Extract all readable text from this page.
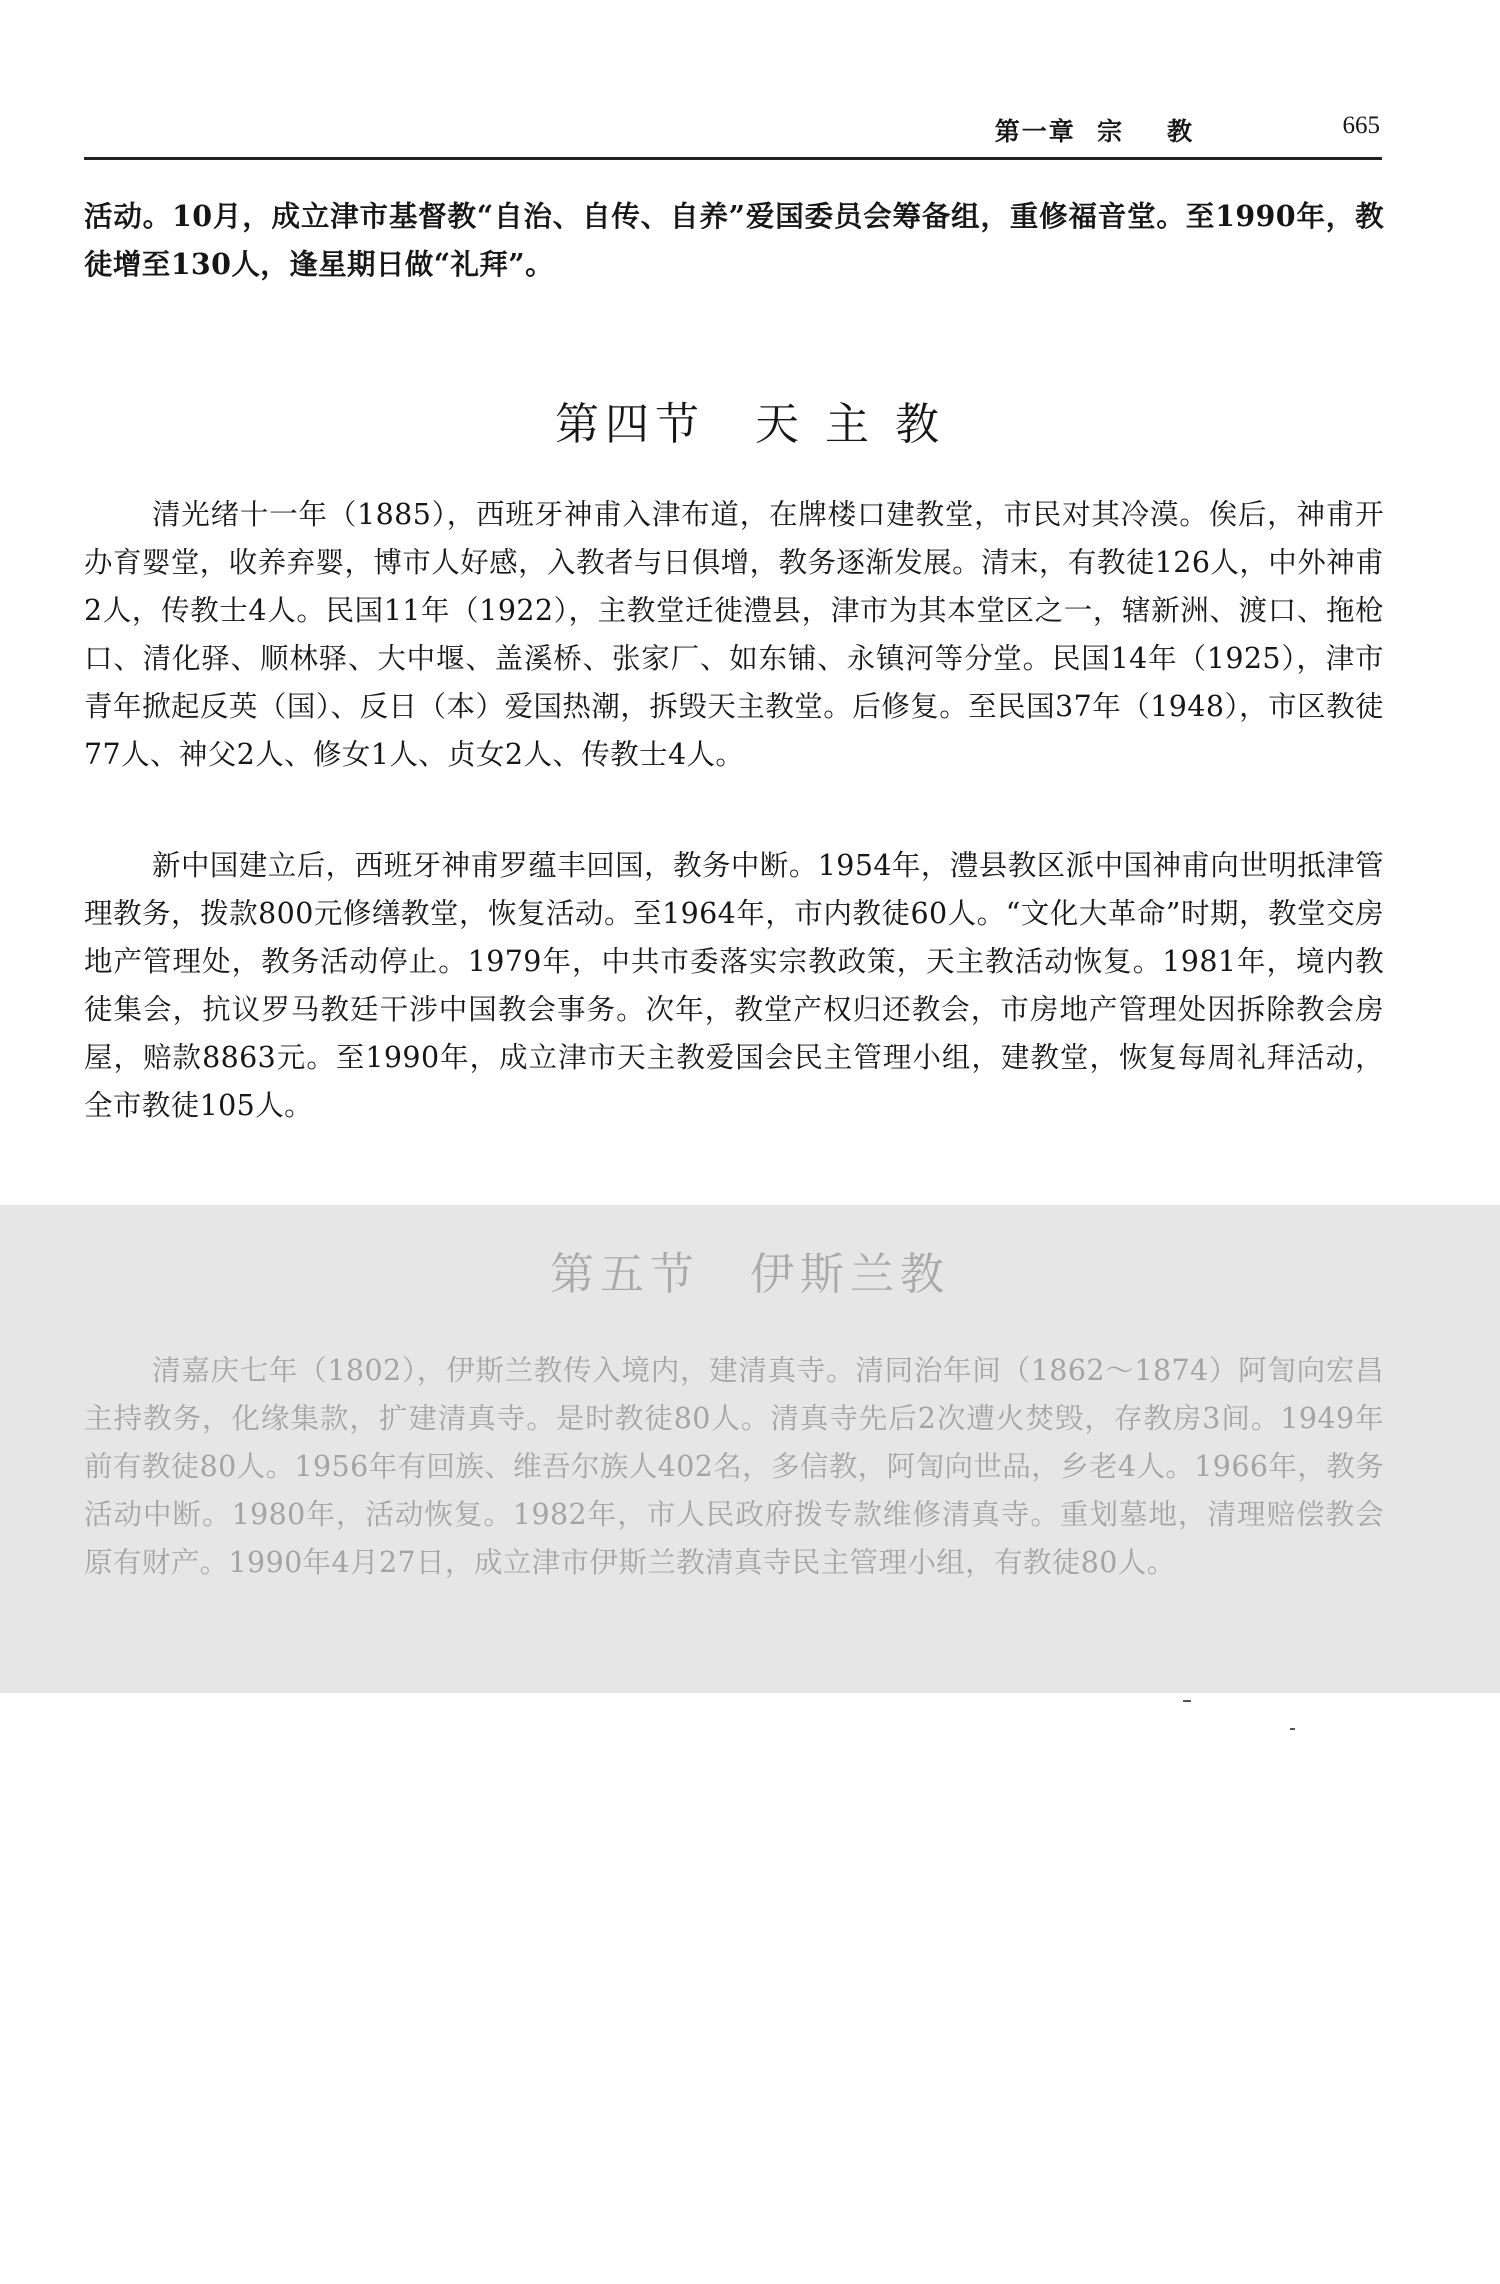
第一章  宗    教	665

活动。10月，成立津市基督教“自治、自传、自养”爱国委员会筹备组，重修福音堂。至1990年，教徒增至130人，逢星期日做“礼拜”。

第四节 天 主 教

清光绪十一年（1885），西班牙神甫入津布道，在牌楼口建教堂，市民对其冷漠。俟后，神甫开办育婴堂，收养弃婴，博市人好感，入教者与日俱增，教务逐渐发展。清末，有教徒126人，中外神甫2人，传教士4人。民国11年（1922），主教堂迁徙澧县，津市为其本堂区之一，辖新洲、渡口、拖枪口、清化驿、顺林驿、大中堰、盖溪桥、张家厂、如东铺、永镇河等分堂。民国14年（1925），津市青年掀起反英（国）、反日（本）爱国热潮，拆毁天主教堂。后修复。至民国37年（1948），市区教徒77人、神父2人、修女1人、贞女2人、传教士4人。

新中国建立后，西班牙神甫罗蕴丰回国，教务中断。1954年，澧县教区派中国神甫向世明抵津管理教务，拨款800元修缮教堂，恢复活动。至1964年，市内教徒60人。“文化大革命”时期，教堂交房地产管理处，教务活动停止。1979年，中共市委落实宗教政策，天主教活动恢复。1981年，境内教徒集会，抗议罗马教廷干涉中国教会事务。次年，教堂产权归还教会，市房地产管理处因拆除教会房屋，赔款8863元。至1990年，成立津市天主教爱国会民主管理小组，建教堂，恢复每周礼拜活动，全市教徒105人。

第五节 伊斯兰教

清嘉庆七年（1802），伊斯兰教传入境内，建清真寺。清同治年间（1862～1874）阿訇向宏昌主持教务，化缘集款，扩建清真寺。是时教徒80人。清真寺先后2次遭火焚毁，存教房3间。1949年前有教徒80人。1956年有回族、维吾尔族人402名，多信教，阿訇向世品，乡老4人。1966年，教务活动中断。1980年，活动恢复。1982年，市人民政府拨专款维修清真寺。重划墓地，清理赔偿教会原有财产。1990年4月27日，成立津市伊斯兰教清真寺民主管理小组，有教徒80人。
